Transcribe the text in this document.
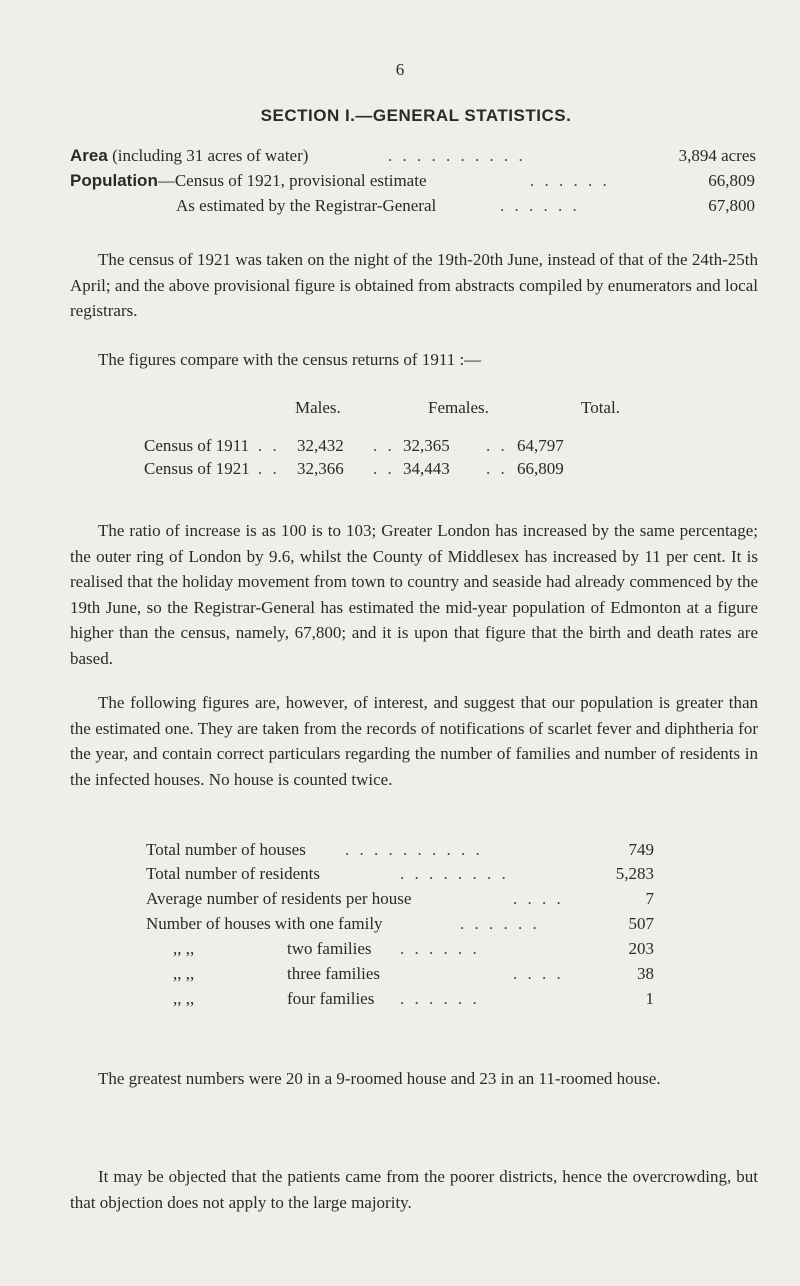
6
SECTION I.—GENERAL STATISTICS.
Area (including 31 acres of water)	. . . . . . . . . .	3,894 acres
Population—Census of 1921, provisional estimate	. . . . . .	66,809
As estimated by the Registrar-General	. . . . . .	67,800
The census of 1921 was taken on the night of the 19th-20th June, instead of that of the 24th-25th April; and the above provisional figure is obtained from abstracts compiled by enumerators and local registrars.
The figures compare with the census returns of 1911 :—
Males.	Females.	Total.
Census of 1911 . . 32,432 . . 32,365 . . 64,797
Census of 1921 . . 32,366 . . 34,443 . . 66,809
The ratio of increase is as 100 is to 103; Greater London has increased by the same percentage; the outer ring of London by 9.6, whilst the County of Middlesex has increased by 11 per cent. It is realised that the holiday movement from town to country and seaside had already commenced by the 19th June, so the Registrar-General has estimated the mid-year population of Edmonton at a figure higher than the census, namely, 67,800; and it is upon that figure that the birth and death rates are based.
The following figures are, however, of interest, and suggest that our population is greater than the estimated one. They are taken from the records of notifications of scarlet fever and diphtheria for the year, and contain correct particulars regarding the number of families and number of residents in the infected houses. No house is counted twice.
Total number of houses . . . . . . . . . .	749
Total number of residents	. . . . . . . .	5,283
Average number of residents per house	. . . .	7
Number of houses with one family	. . . . . .	507
,, ,,	two families . . . . . .	203
,, ,,	three families	. . . .	38
,, ,,	four families . . . . . .	1
The greatest numbers were 20 in a 9-roomed house and 23 in an 11-roomed house.
It may be objected that the patients came from the poorer districts, hence the overcrowding, but that objection does not apply to the large majority.
